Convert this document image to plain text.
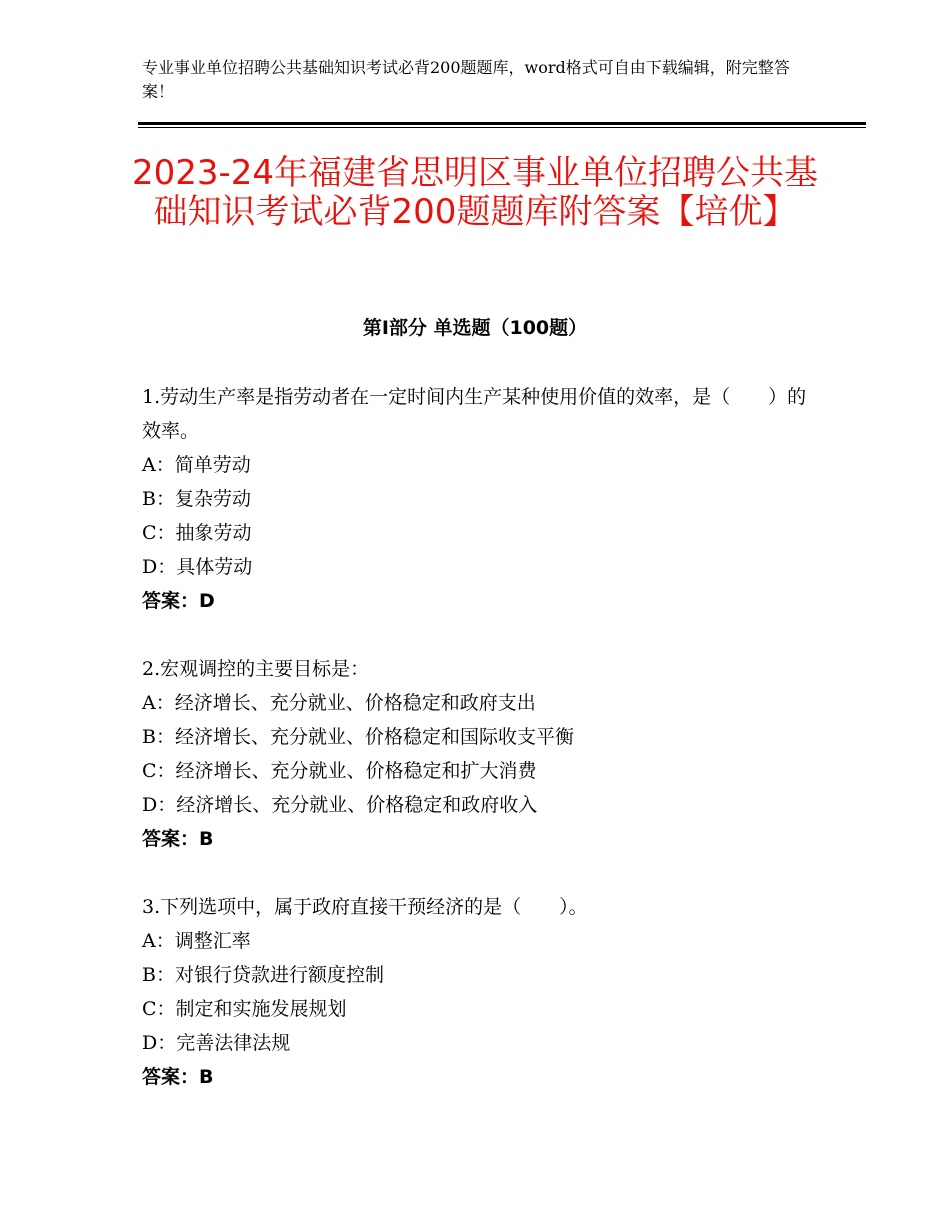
专业事业单位招聘公共基础知识考试必背200题题库，word格式可自由下载编辑，附完整答案！
2023-24年福建省思明区事业单位招聘公共基础知识考试必背200题题库附答案【培优】
第Ⅰ部分 单选题（100题）
1.劳动生产率是指劳动者在一定时间内生产某种使用价值的效率，是（　　）的效率。
A：简单劳动
B：复杂劳动
C：抽象劳动
D：具体劳动
答案：D
2.宏观调控的主要目标是：
A：经济增长、充分就业、价格稳定和政府支出
B：经济增长、充分就业、价格稳定和国际收支平衡
C：经济增长、充分就业、价格稳定和扩大消费
D：经济增长、充分就业、价格稳定和政府收入
答案：B
3.下列选项中，属于政府直接干预经济的是（　　）。
A：调整汇率
B：对银行贷款进行额度控制
C：制定和实施发展规划
D：完善法律法规
答案：B
